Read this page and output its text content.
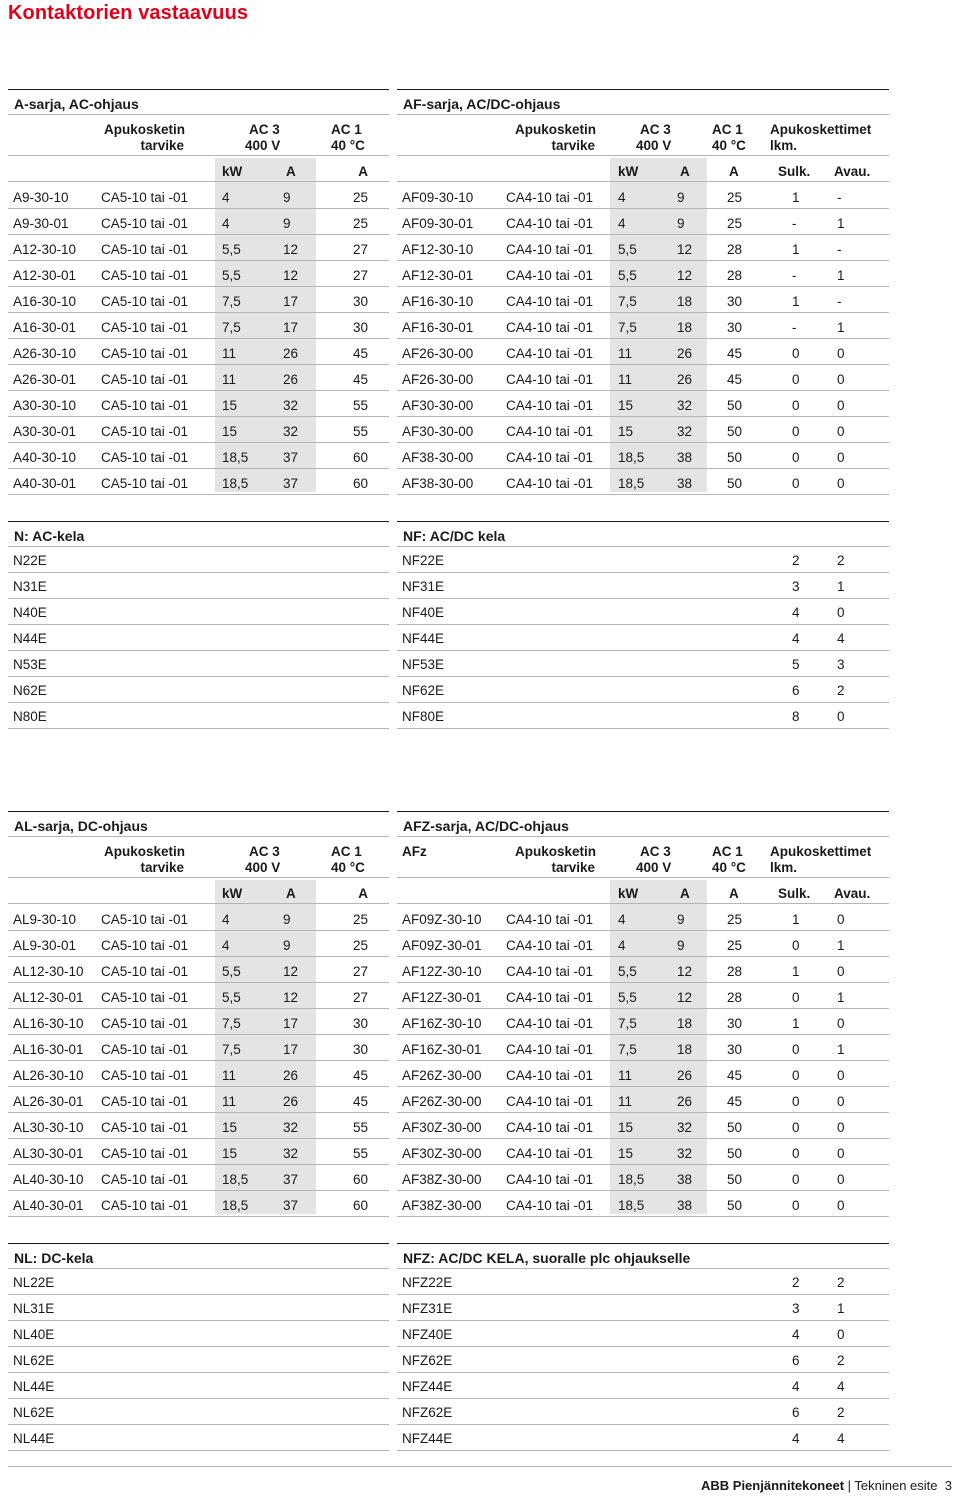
Kontaktorien vastaavuus
A-sarja, AC-ohjaus
Apukosketin
tarvike
AC 3
400 V
AC 1
40 °C
kW	A	A
A9-30-10 CA5-10 tai -01	4	9	25
A9-30-01 CA5-10 tai -01	4	9	25
A12-30-10 CA5-10 tai -01	5,5	12	27
A12-30-01 CA5-10 tai -01	5,5	12	27
A16-30-10 CA5-10 tai -01	7,5	17	30
A16-30-01 CA5-10 tai -01	7,5	17	30
A26-30-10 CA5-10 tai -01	11	26	45
A26-30-01 CA5-10 tai -01	11	26	45
A30-30-10 CA5-10 tai -01	15	32	55
A30-30-01 CA5-10 tai -01	15	32	55
A40-30-10 CA5-10 tai -01	18,5	37	60
A40-30-01 CA5-10 tai -01	18,5	37	60
AF-sarja, AC/DC-ohjaus
Apukosketin
tarvike
AC 3
400 V
AC 1
40 °C
Apukoskettimet
lkm.
kW	A	A	Sulk. Avau.
AF09-30-10 CA4-10 tai -01 4	9	25	1	-
AF09-30-01 CA4-10 tai -01 4	9	25	-	1
AF12-30-10 CA4-10 tai -01 5,5	12	28	1	-
AF12-30-01 CA4-10 tai -01 5,5	12	28	-	1
AF16-30-10 CA4-10 tai -01 7,5	18	30	1	-
AF16-30-01 CA4-10 tai -01 7,5	18	30	-	1
AF26-30-00 CA4-10 tai -01 11	26	45	0	0
AF26-30-00 CA4-10 tai -01 11	26	45	0	0
AF30-30-00 CA4-10 tai -01 15	32	50	0	0
AF30-30-00 CA4-10 tai -01 15	32	50	0	0
AF38-30-00 CA4-10 tai -01 18,5 38	50	0	0
AF38-30-00 CA4-10 tai -01 18,5 38	50	0	0
N: AC-kela
N22E
N31E
N40E
N44E
N53E
N62E
N80E
NF: AC/DC kela
NF22E	2	2
NF31E	3	1
NF40E	4	0
NF44E	4	4
NF53E	5	3
NF62E	6	2
NF80E	8	0
AL-sarja, DC-ohjaus
Apukosketin
tarvike
AC 3
400 V
AC 1
40 °C
kW	A	A
AL9-30-10 CA5-10 tai -01	4	9	25
AL9-30-01 CA5-10 tai -01	4	9	25
AL12-30-10 CA5-10 tai -01	5,5	12	27
AL12-30-01 CA5-10 tai -01	5,5	12	27
AL16-30-10 CA5-10 tai -01	7,5	17	30
AL16-30-01 CA5-10 tai -01	7,5	17	30
AL26-30-10 CA5-10 tai -01	11	26	45
AL26-30-01 CA5-10 tai -01	11	26	45
AL30-30-10 CA5-10 tai -01	15	32	55
AL30-30-01 CA5-10 tai -01	15	32	55
AL40-30-10 CA5-10 tai -01	18,5	37	60
AL40-30-01 CA5-10 tai -01	18,5	37	60
AFZ-sarja, AC/DC-ohjaus
AFz	Apukosketin
tarvike
AC 3
400 V
AC 1
40 °C
Apukoskettimet
lkm.
kW	A	A	Sulk. Avau.
AF09Z-30-10 CA4-10 tai -01 4	9	25	1	0
AF09Z-30-01 CA4-10 tai -01 4	9	25	0	1
AF12Z-30-10 CA4-10 tai -01 5,5	12	28	1	0
AF12Z-30-01 CA4-10 tai -01 5,5	12	28	0	1
AF16Z-30-10 CA4-10 tai -01 7,5	18	30	1	0
AF16Z-30-01 CA4-10 tai -01 7,5	18	30	0	1
AF26Z-30-00 CA4-10 tai -01 11	26	45	0	0
AF26Z-30-00 CA4-10 tai -01 11	26	45	0	0
AF30Z-30-00 CA4-10 tai -01 15	32	50	0	0
AF30Z-30-00 CA4-10 tai -01 15	32	50	0	0
AF38Z-30-00 CA4-10 tai -01 18,5 38	50	0	0
AF38Z-30-00 CA4-10 tai -01 18,5 38	50	0	0
NL: DC-kela
NL22E
NL31E
NL40E
NL62E
NL44E
NL62E
NL44E
NFZ: AC/DC KELA, suoralle plc ohjaukselle
NFZ22E	2	2
NFZ31E	3	1
NFZ40E	4	0
NFZ62E	6	2
NFZ44E	4	4
NFZ62E	6	2
NFZ44E	4	4
ABB Pienjännitekoneet | Tekninen esite 3
